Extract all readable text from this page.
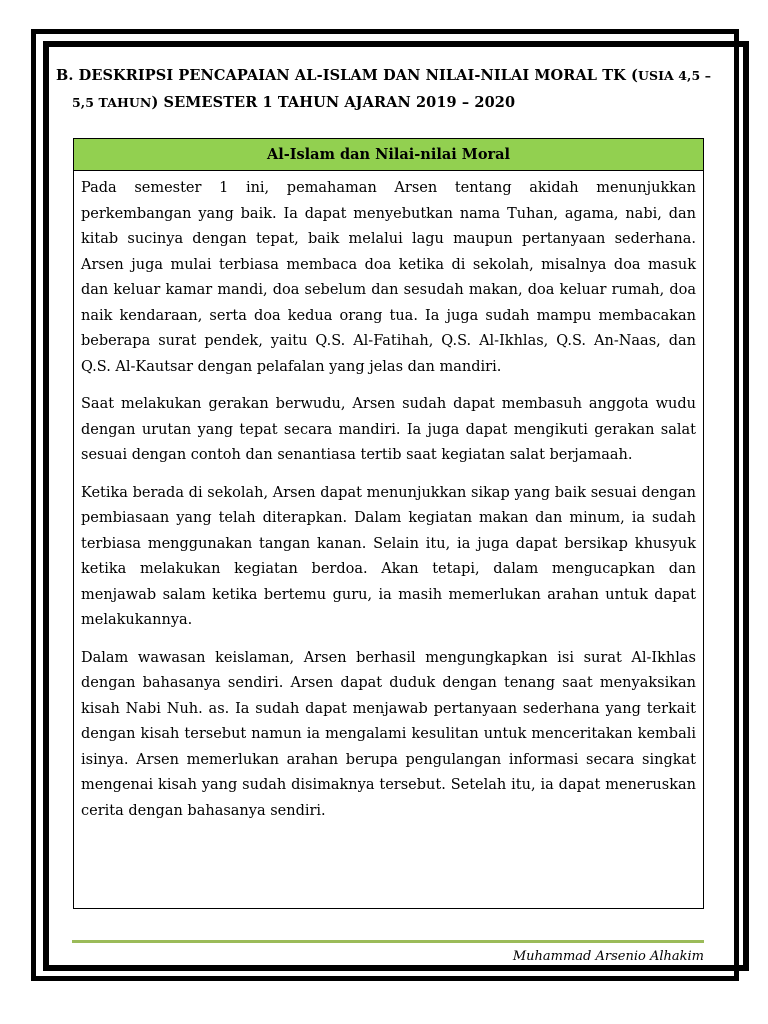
B. DESKRIPSI PENCAPAIAN AL-ISLAM DAN NILAI-NILAI MORAL TK (USIA 4,5 –
5,5 TAHUN) SEMESTER 1 TAHUN AJARAN 2019 – 2020
Al-Islam dan Nilai-nilai Moral

Pada semester 1 ini, pemahaman Arsen tentang akidah menunjukkan perkembangan yang baik. Ia dapat menyebutkan nama Tuhan, agama, nabi, dan kitab sucinya dengan tepat, baik melalui lagu maupun pertanyaan sederhana. Arsen juga mulai terbiasa membaca doa ketika di sekolah, misalnya doa masuk dan keluar kamar mandi, doa sebelum dan sesudah makan, doa keluar rumah, doa naik kendaraan, serta doa kedua orang tua. Ia juga sudah mampu membacakan beberapa surat pendek, yaitu Q.S. Al-Fatihah, Q.S. Al-Ikhlas, Q.S. An-Naas, dan Q.S. Al-Kautsar dengan pelafalan yang jelas dan mandiri.

Saat melakukan gerakan berwudu, Arsen sudah dapat membasuh anggota wudu dengan urutan yang tepat secara mandiri. Ia juga dapat mengikuti gerakan salat sesuai dengan contoh dan senantiasa tertib saat kegiatan salat berjamaah.

Ketika berada di sekolah, Arsen dapat menunjukkan sikap yang baik sesuai dengan pembiasaan yang telah diterapkan. Dalam kegiatan makan dan minum, ia sudah terbiasa menggunakan tangan kanan. Selain itu, ia juga dapat bersikap khusyuk ketika melakukan kegiatan berdoa. Akan tetapi, dalam mengucapkan dan menjawab salam ketika bertemu guru, ia masih memerlukan arahan untuk dapat melakukannya.

Dalam wawasan keislaman, Arsen berhasil mengungkapkan isi surat Al-Ikhlas dengan bahasanya sendiri. Arsen dapat duduk dengan tenang saat menyaksikan kisah Nabi Nuh. as. Ia sudah dapat menjawab pertanyaan sederhana yang terkait dengan kisah tersebut namun ia mengalami kesulitan untuk menceritakan kembali isinya. Arsen memerlukan arahan berupa pengulangan informasi secara singkat mengenai kisah yang sudah disimaknya tersebut. Setelah itu, ia dapat meneruskan cerita dengan bahasanya sendiri.

Muhammad Arsenio Alhakim
